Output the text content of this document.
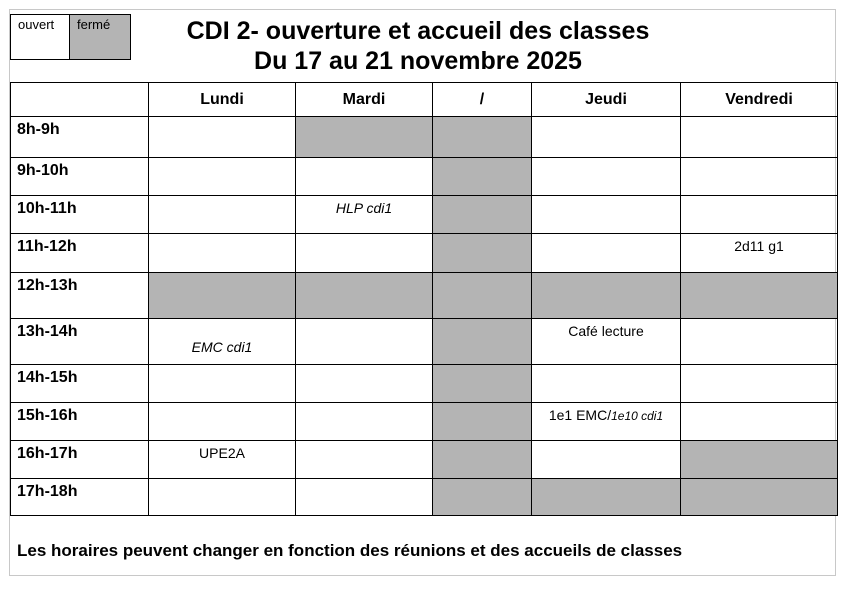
ouvert	fermé	CDI 2- ouverture et accueil des classes
Du 17 au 21 novembre 2025
	Lundi	Mardi	/	Jeudi	Vendredi
8h-9h					
9h-10h					
10h-11h		HLP cdi1			
11h-12h					2d11 g1
12h-13h					
13h-14h	EMC cdi1			Café lecture	
14h-15h					
15h-16h				1e1 EMC/1e10 cdi1	
16h-17h	UPE2A				
17h-18h					
Les horaires peuvent changer en fonction des réunions et des accueils de classes
